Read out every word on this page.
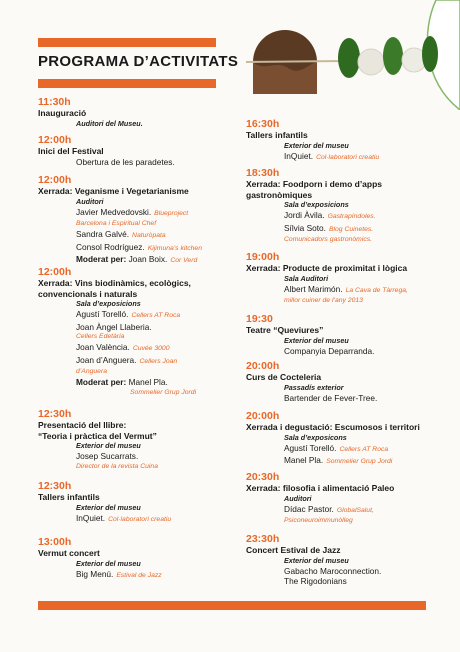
PROGRAMA D’ACTIVITATS
11:30h
Inauguració
Auditori del Museu.
12:00h
Inici del Festival
Obertura de les paradetes.
12:00h
Xerrada: Veganisme i Vegetarianisme
Auditori
Javier Medvedovski. Blueproject
Barcelona i Espiritual Chef
Sandra Galvé. Naturòpata
Consol Rodríguez. Kijimuna’s kitchen
Moderat per: Joan Boix. Cor Verd
12:00h
Xerrada: Vins biodinàmics, ecològics,
convencionals i naturals
Sala d’exposicions
Agustí Torelló. Cellers AT Roca
Joan Àngel Llaberia.
Cellers Edetària
Joan València. Cuvée 3000
Joan d’Anguera. Cellers Joan
d’Anguera
Moderat per: Manel Pla.
Sommelier Grup Jordi
12:30h
Presentació del llibre:
“Teoria i pràctica del Vermut”
Exterior del museu
Josep Sucarrats.
Director de la revista Cuina
12:30h
Tallers infantils
Exterior del museu
InQuiet. Col·laboratori creatiu
13:00h
Vermut concert
Exterior del museu
Big Menú. Estival de Jazz
16:30h
Tallers infantils
Exterior del museu
InQuiet. Col·laboratori creatiu
18:30h
Xerrada: Foodporn i demo d’apps
gastronòmiques
Sala d’exposicions
Jordi Àvila. Gastrapíndoles.
Sílvia Soto. Blog Cuinetes.
Comunicadors gastronòmics.
19:00h
Xerrada: Producte de proximitat i lògica
Sala Auditori
Albert Marimón. La Cava de Tàrrega,
millor cuiner de l’any 2013
19:30
Teatre “Queviures”
Exterior del museu
Companyia Deparranda.
20:00h
Curs de Cocteleria
Passadís exterior
Bartender de Fever-Tree.
20:00h
Xerrada i degustació: Escumosos i territori
Sala d’exposicons
Agustí Torelló. Cellers AT Roca
Manel Pla. Sommelier Grup Jordi
20:30h
Xerrada: filosofia i alimentació Paleo
Auditori
Dídac Pastor. GlobalSalut,
Psiconeuroimmunòlleg
23:30h
Concert Estival de Jazz
Exterior del museu
Gabacho Maroconnection.
The Rigodonians
